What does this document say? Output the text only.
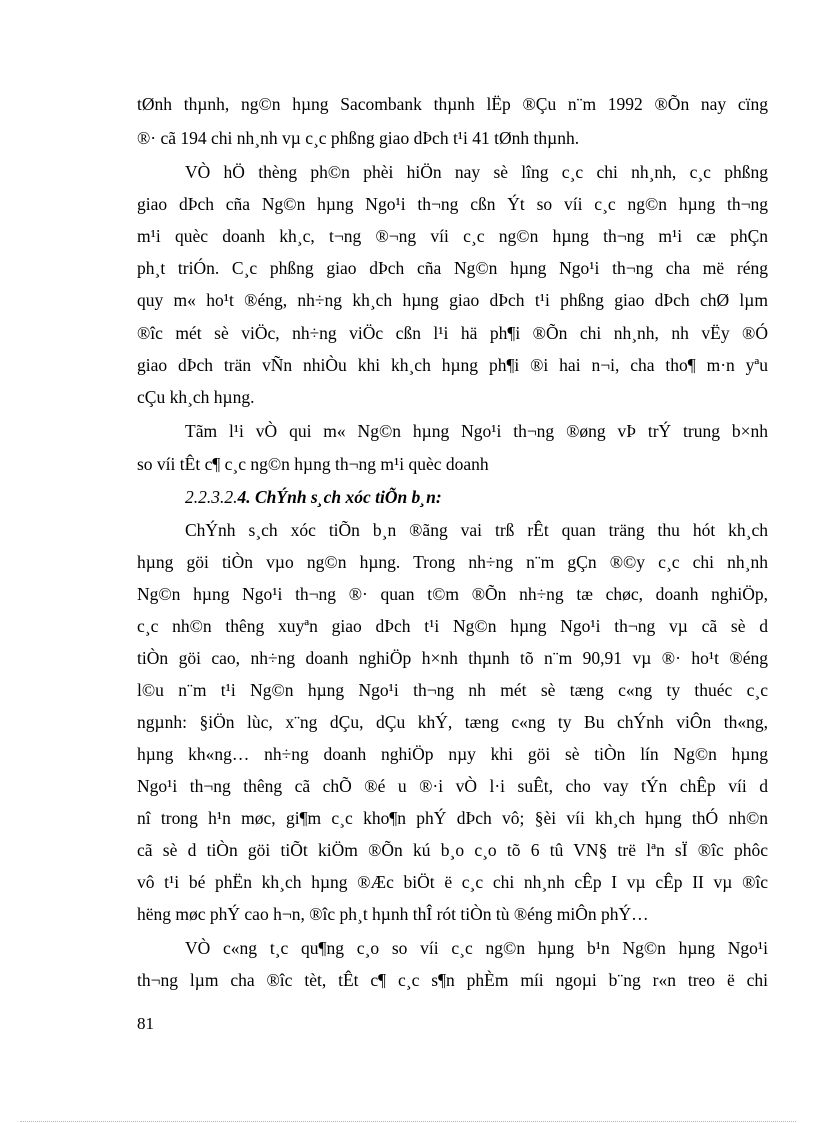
tØnh thµnh, ng©n hµng Sacombank thµnh lËp ®Çu n¨m 1992 ®Õn nay cïng
®· cã 194 chi nh¸nh vµ c¸c phßng giao dÞch t¹i 41 tØnh thµnh.
VÒ hÖ thèng ph©n phèi hiÖn nay sè lîng c¸c chi nh¸nh, c¸c phßng
giao dÞch cña Ng©n hµng Ngo¹i th¬ng cßn Ýt so víi c¸c ng©n hµng th¬ng
m¹i quèc doanh kh¸c, t¬ng ®¬ng víi c¸c ng©n hµng th¬ng m¹i cæ phÇn
ph¸t triÓn. C¸c phßng giao dÞch cña Ng©n hµng Ngo¹i th¬ng cha më réng
quy m« ho¹t ®éng, nh÷ng kh¸ch hµng giao dÞch t¹i phßng giao dÞch chØ lµm
®îc mét sè viÖc, nh÷ng viÖc cßn l¹i hä ph¶i ®Õn chi nh¸nh, nh vËy ®Ó
giao dÞch trän vÑn nhiÒu khi kh¸ch hµng ph¶i ®i hai n¬i, cha tho¶ m·n yªu
cÇu kh¸ch hµng.
Tãm l¹i vÒ qui m« Ng©n hµng Ngo¹i th¬ng ®øng vÞ trÝ trung b×nh
so víi tÊt c¶ c¸c ng©n hµng th¬ng m¹i quèc doanh
2.2.3.2.4. ChÝnh s¸ch xóc tiÕn b¸n:
ChÝnh s¸ch xóc tiÕn b¸n ®ãng vai trß rÊt quan träng thu hót kh¸ch
hµng göi tiÒn vµo ng©n hµng. Trong nh÷ng n¨m gÇn ®©y c¸c chi nh¸nh
Ng©n hµng Ngo¹i th¬ng ®· quan t©m ®Õn nh÷ng tæ chøc, doanh nghiÖp,
c¸c nh©n thêng xuyªn giao dÞch t¹i Ng©n hµng Ngo¹i th¬ng vµ cã sè d
tiÒn göi cao, nh÷ng doanh nghiÖp h×nh thµnh tõ n¨m 90,91 vµ ®· ho¹t ®éng
l©u n¨m t¹i Ng©n hµng Ngo¹i th¬ng nh mét sè tæng c«ng ty thuéc c¸c
ngµnh: §iÖn lùc, x¨ng dÇu, dÇu khÝ, tæng c«ng ty Bu chÝnh viÔn th«ng,
hµng kh«ng… nh÷ng doanh nghiÖp nµy khi göi sè tiÒn lín Ng©n hµng
Ngo¹i th¬ng thêng cã chÕ ®é u ®·i vÒ l·i suÊt, cho vay tÝn chÊp víi d
nî trong h¹n møc, gi¶m c¸c kho¶n phÝ dÞch vô; §èi víi kh¸ch hµng thÓ nh©n
cã sè d tiÒn göi tiÕt kiÖm ®Õn kú b¸o c¸o tõ 6 tû VN§ trë lªn sÏ ®îc phôc
vô t¹i bé phËn kh¸ch hµng ®Æc biÖt ë c¸c chi nh¸nh cÊp I vµ cÊp II vµ ®îc
hëng møc phÝ cao h¬n, ®îc ph¸t hµnh thÎ rót tiÒn tù ®éng miÔn phÝ…
VÒ c«ng t¸c qu¶ng c¸o so víi c¸c ng©n hµng b¹n Ng©n hµng Ngo¹i
th¬ng lµm cha ®îc tèt, tÊt c¶ c¸c s¶n phÈm míi ngoµi b¨ng r«n treo ë chi
81
